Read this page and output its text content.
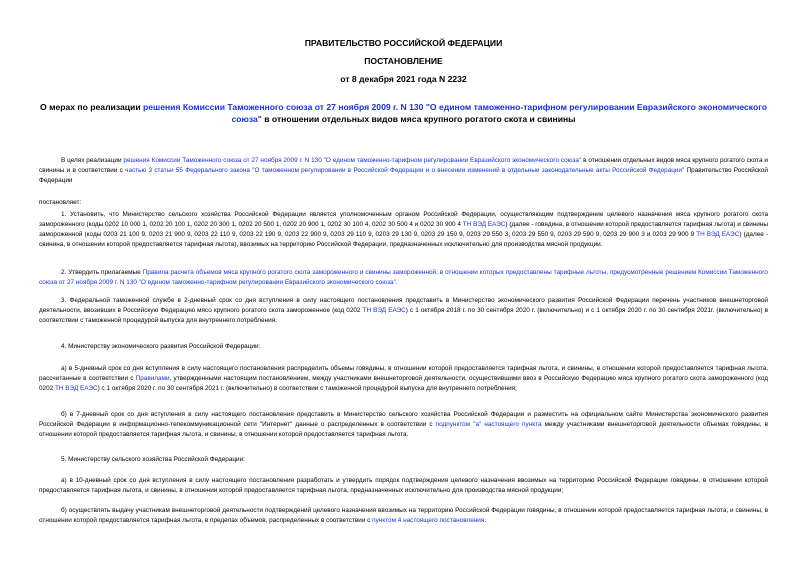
ПРАВИТЕЛЬСТВО РОССИЙСКОЙ ФЕДЕРАЦИИ
ПОСТАНОВЛЕНИЕ
от 8 декабря 2021 года N 2232
О мерах по реализации решения Комиссии Таможенного союза от 27 ноября 2009 г. N 130 "О едином таможенно-тарифном регулировании Евразийского экономического союза" в отношении отдельных видов мяса крупного рогатого скота и свинины
В целях реализации решения Комиссии Таможенного союза от 27 ноября 2009 г. N 130 "О едином таможенно-тарифном регулировании Евразийского экономического союза" в отношении отдельных видов мяса крупного рогатого скота и свинины и в соответствии с частью 3 статьи 55 Федерального закона "О таможенном регулировании в Российской Федерации и о внесении изменений в отдельные законодательные акты Российской Федерации" Правительство Российской Федерации
постановляет:
1. Установить, что Министерство сельского хозяйства Российской Федерации является уполномоченным органом Российской Федерации, осуществляющим подтверждение целевого назначения мяса крупного рогатого скота замороженного (коды 0202 10 000 1, 0202 20 100 1, 0202 20 300 1, 0202 20 500 1, 0202 20 900 1, 0202 30 100 4, 0202 30 500 4 и 0202 30 900 4 ТН ВЭД ЕАЭС) (далее - говядина, в отношении которой предоставляется тарифная льгота) и свинины замороженной (коды 0203 21 100 9, 0203 21 900 9, 0203 22 110 9, 0203 22 190 9, 0203 22 900 9, 0203 29 110 9, 0203 29 130 9, 0203 29 150 9, 0203 29 550 3, 0203 29 550 9, 0203 29 590 9, 0203 29 900 3 и 0203 29 900 9 ТН ВЭД ЕАЭС) (далее - свинина, в отношении которой предоставляется тарифная льгота), ввозимых на территорию Российской Федерации, предназначенных исключительно для производства мясной продукции.
2. Утвердить прилагаемые Правила расчета объемов мяса крупного рогатого скота замороженного и свинины замороженной, в отношении которых предоставлены тарифные льготы, предусмотренные решением Комиссии Таможенного союза от 27 ноября 2009 г. N 130 "О едином таможенно-тарифном регулировании Евразийского экономического союза".
3. Федеральной таможенной службе в 2-дневный срок со дня вступления в силу настоящего постановления представить в Министерство экономического развития Российской Федерации перечень участников внешнеторговой деятельности, ввозивших в Российскую Федерацию мясо крупного рогатого скота замороженное (код 0202 ТН ВЭД ЕАЭС) с 1 октября 2018 г. по 30 сентября 2020 г. (включительно) и с 1 октября 2020 г. по 30 сентября 2021г. (включительно) в соответствии с таможенной процедурой выпуска для внутреннего потребления.
4. Министерству экономического развития Российской Федерации:
а) в 5-дневный срок со дня вступления в силу настоящего постановления распределить объемы говядины, в отношении которой предоставляется тарифная льгота, и свинины, в отношении которой предоставляется тарифная льгота, рассчитанные в соответствии с Правилами, утвержденными настоящим постановлением, между участниками внешнеторговой деятельности, осуществившими ввоз в Российскую Федерацию мяса крупного рогатого скота замороженного (код 0202 ТН ВЭД ЕАЭС) с 1 октября 2020 г. по 30 сентября 2021 г. (включительно) в соответствии с таможенной процедурой выпуска для внутреннего потребления;
б) в 7-дневный срок со дня вступления в силу настоящего постановления представить в Министерство сельского хозяйства Российской Федерации и разместить на официальном сайте Министерства экономического развития Российской Федерации в информационно-телекоммуникационной сети "Интернет" данные о распределенных в соответствии с подпунктом "а" настоящего пункта между участниками внешнеторговой деятельности объемах говядины, в отношении которой предоставляется тарифная льгота, и свинины, в отношении которой предоставляется тарифная льгота.
5. Министерству сельского хозяйства Российской Федерации:
а) в 10-дневный срок со дня вступления в силу настоящего постановления разработать и утвердить порядок подтверждения целевого назначения ввозимых на территорию Российской Федерации говядины, в отношении которой предоставляется тарифная льгота, и свинины, в отношении которой предоставляется тарифная льгота, предназначенных исключительно для производства мясной продукции;
б) осуществлять выдачу участникам внешнеторговой деятельности подтверждений целевого назначения ввозимых на территорию Российской Федерации говядины, в отношении которой предоставляется тарифная льгота, и свинины, в отношении которой предоставляется тарифная льгота, в пределах объемов, распределенных в соответствии с пунктом 4 настоящего постановления.
